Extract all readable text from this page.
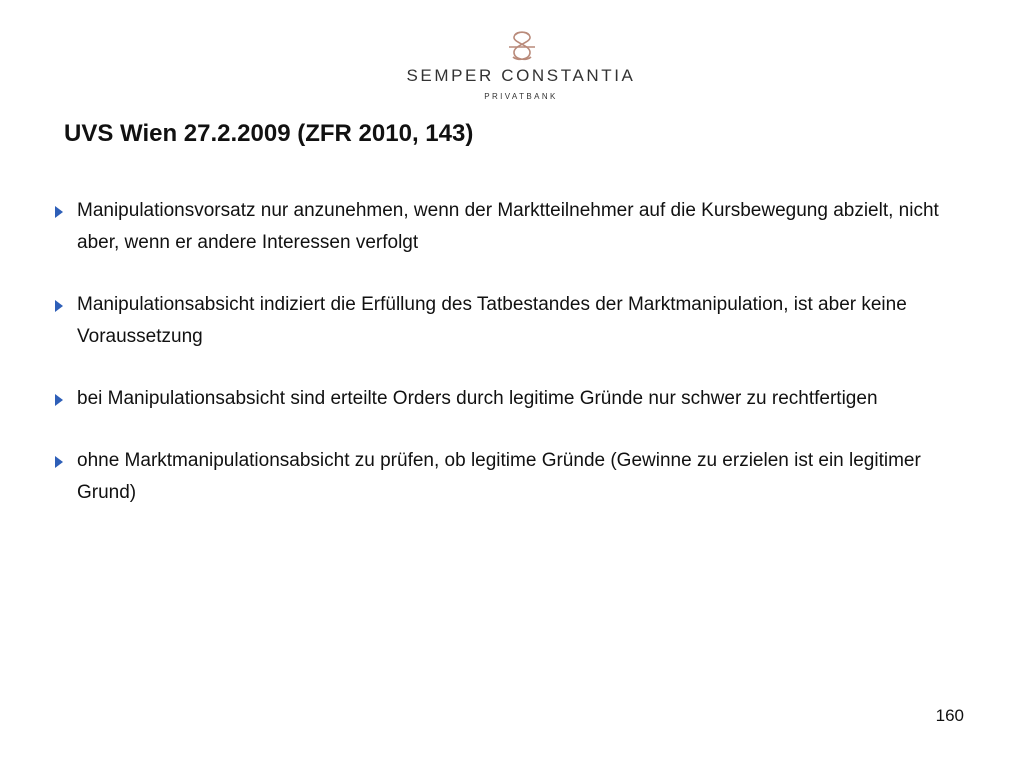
SEMPER CONSTANTIA
PRIVATBANK
UVS Wien 27.2.2009 (ZFR 2010, 143)
Manipulationsvorsatz nur anzunehmen, wenn der Marktteilnehmer auf die Kursbewegung abzielt, nicht aber, wenn er andere Interessen verfolgt
Manipulationsabsicht indiziert die Erfüllung des Tatbestandes der Marktmanipulation, ist aber keine Voraussetzung
bei Manipulationsabsicht sind erteilte Orders durch legitime Gründe nur schwer zu rechtfertigen
ohne Marktmanipulationsabsicht zu prüfen, ob legitime Gründe (Gewinne zu erzielen ist ein legitimer Grund)
160
